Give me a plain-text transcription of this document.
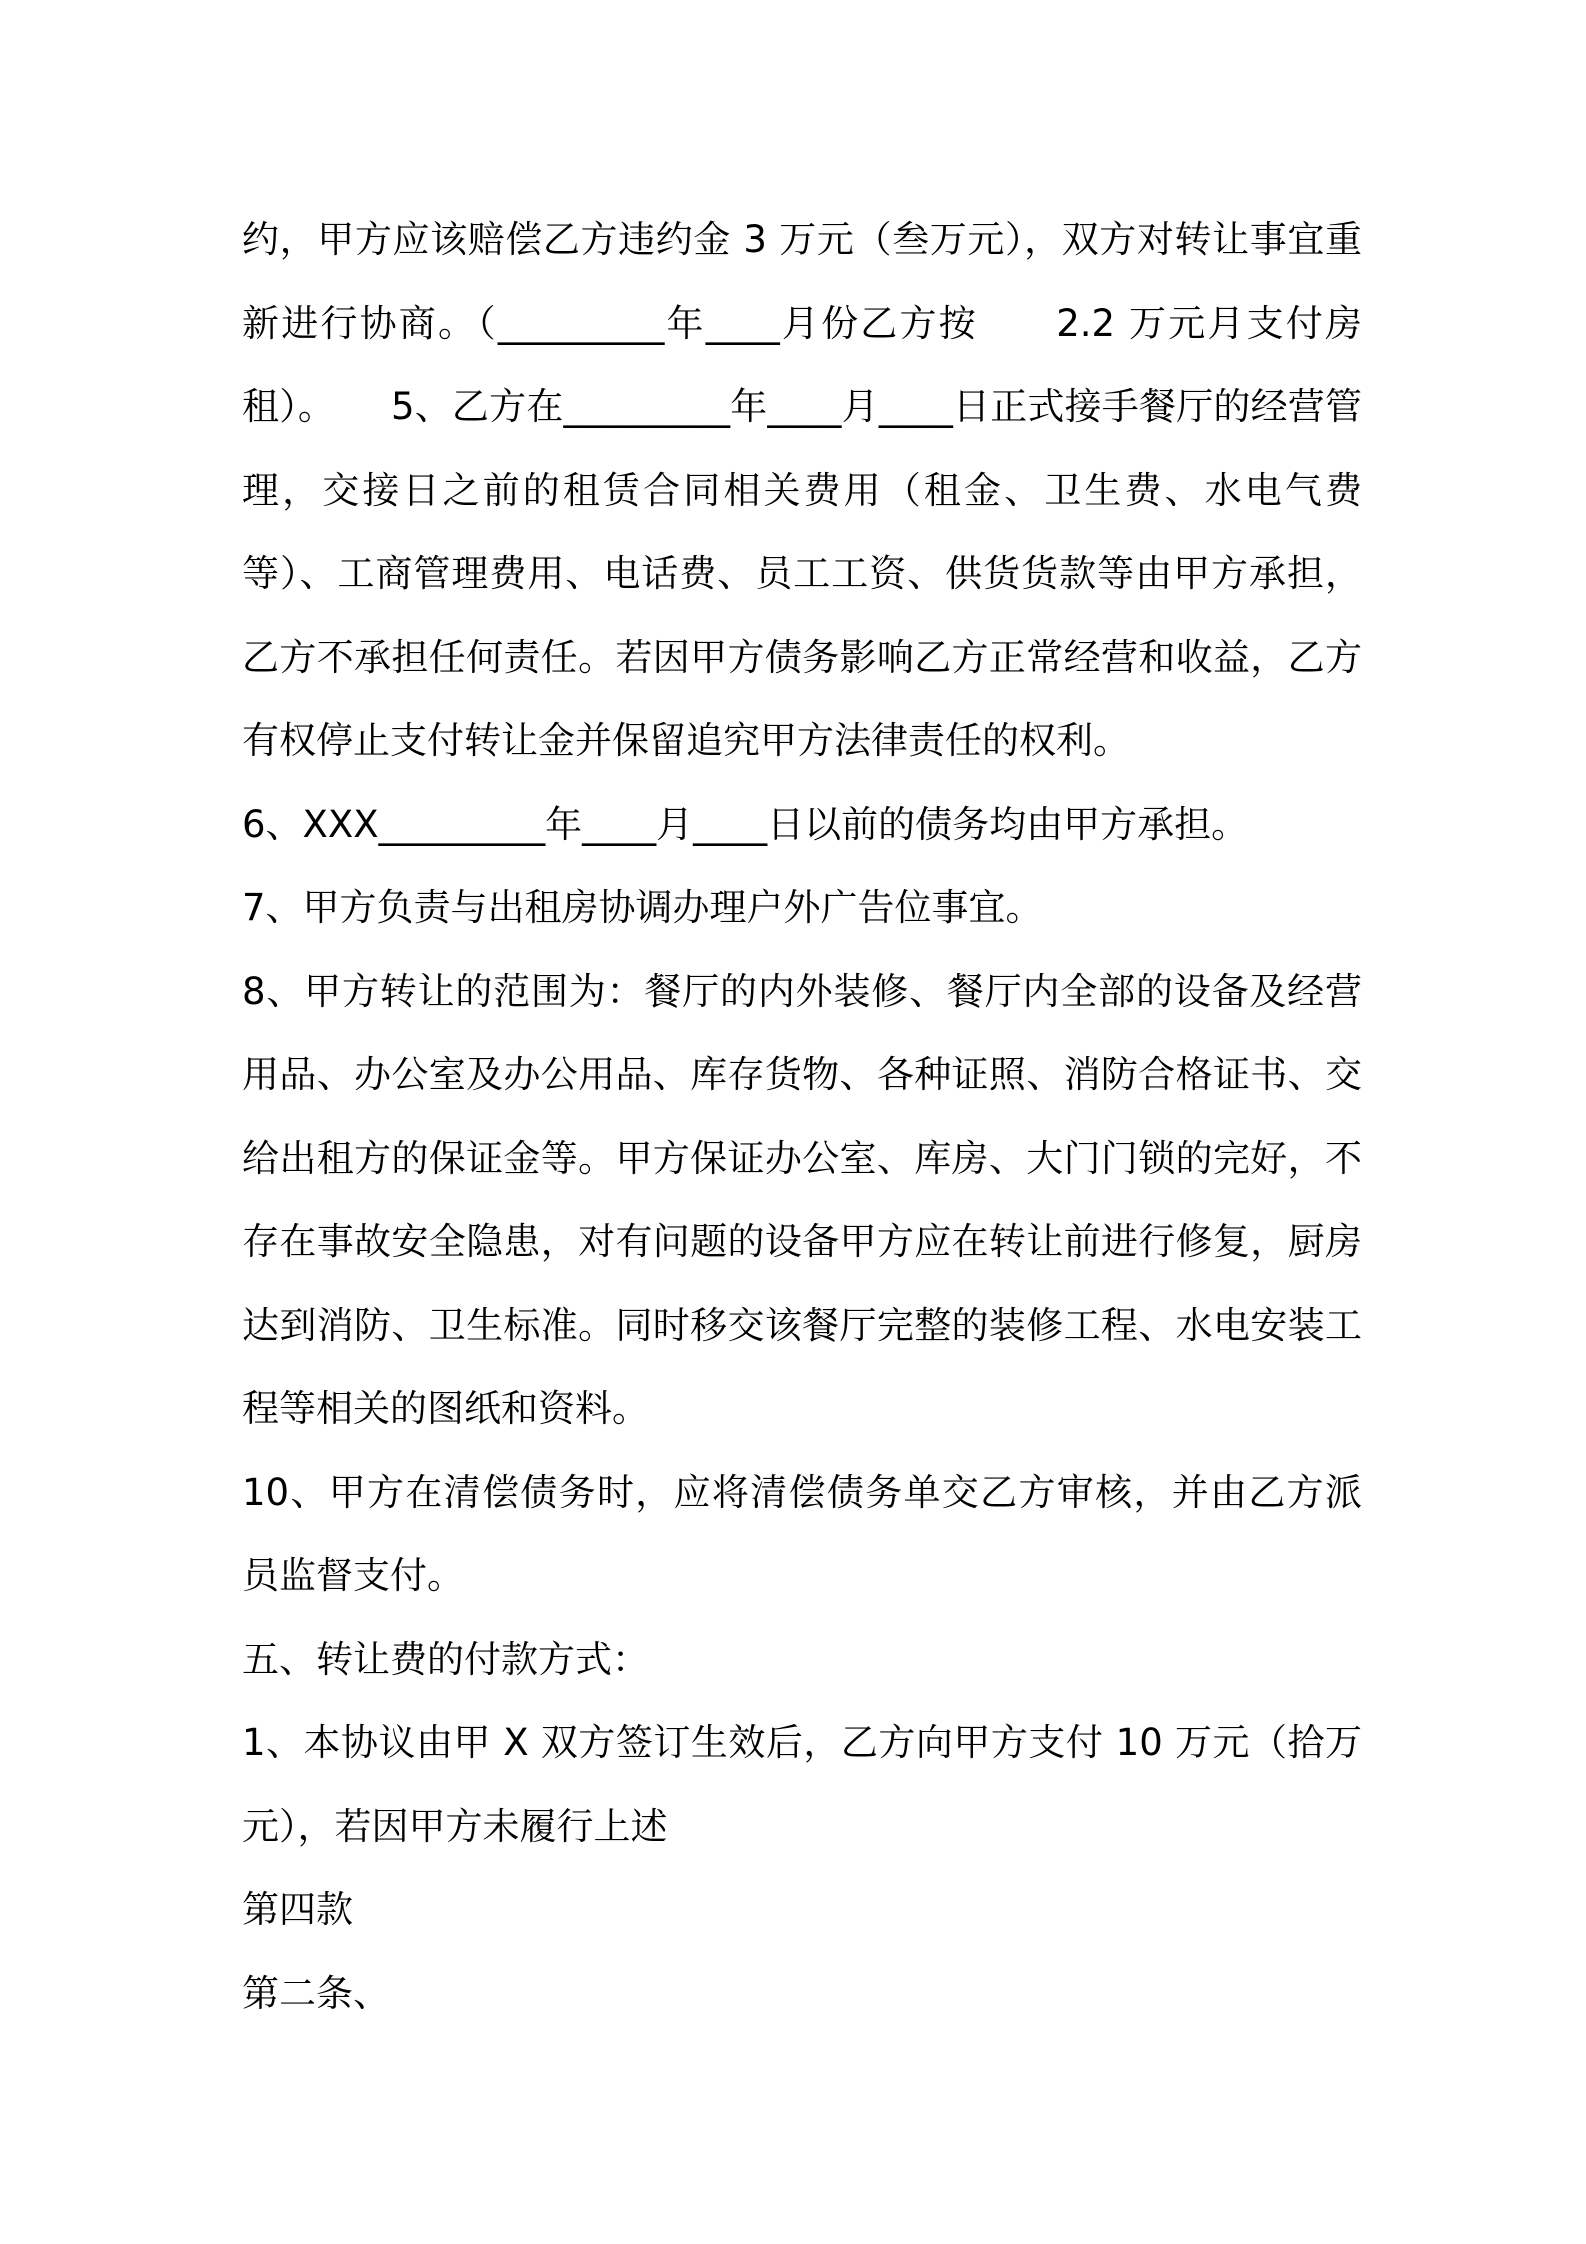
约，甲方应该赔偿乙方违约金 3 万元（叁万元），双方对转让事宜重新进行协商。（_________年____月份乙方按　　2.2 万元月支付房租）。　　5、乙方在_________年____月____日正式接手餐厅的经营管理，交接日之前的租赁合同相关费用（租金、卫生费、水电气费等）、工商管理费用、电话费、员工工资、供货货款等由甲方承担，乙方不承担任何责任。若因甲方债务影响乙方正常经营和收益，乙方有权停止支付转让金并保留追究甲方法律责任的权利。

6、XXX_________年____月____日以前的债务均由甲方承担。

7、甲方负责与出租房协调办理户外广告位事宜。

8、甲方转让的范围为：餐厅的内外装修、餐厅内全部的设备及经营用品、办公室及办公用品、库存货物、各种证照、消防合格证书、交给出租方的保证金等。甲方保证办公室、库房、大门门锁的完好，不存在事故安全隐患，对有问题的设备甲方应在转让前进行修复，厨房达到消防、卫生标准。同时移交该餐厅完整的装修工程、水电安装工程等相关的图纸和资料。

10、甲方在清偿债务时，应将清偿债务单交乙方审核，并由乙方派员监督支付。

五、转让费的付款方式：

1、本协议由甲 X 双方签订生效后，乙方向甲方支付 10 万元（拾万元），若因甲方未履行上述

第四款

第二条、
